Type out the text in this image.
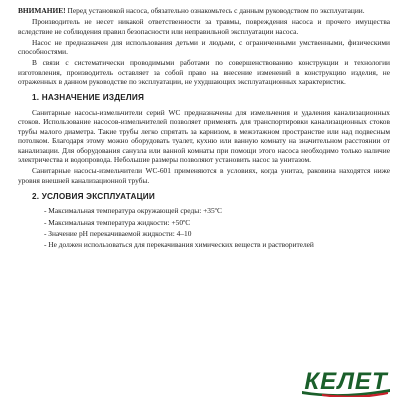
ВНИМАНИЕ! Перед установкой насоса, обязательно ознакомьтесь с данным руководством по эксплуатации.

Производитель не несет никакой ответственности за травмы, повреждения насоса и прочего имущества вследствие не соблюдения правил безопасности или неправильной эксплуатации насоса.

Насос не предназначен для использования детьми и людьми, с ограниченными умственными, физическими способностями.

В связи с систематически проводимыми работами по совершенствованию конструкции и технологии изготовления, производитель оставляет за собой право на внесение изменений в конструкцию изделия, не отраженных в данном руководстве по эксплуатации, не ухудшающих эксплуатационных характеристик.

1. НАЗНАЧЕНИЕ ИЗДЕЛИЯ

Санитарные насосы-измельчители серий WC предназначены для измельчения и удаления канализационных стоков. Использование насосов-измельчителей позволяет применять для транспортировки канализационных стоков трубы малого диаметра. Такие трубы легко спрятать за карнизом, в межэтажном пространстве или над подвесным потолком. Благодаря этому можно оборудовать туалет, кухню или ванную комнату на значительном расстоянии от канализации. Для оборудования санузла или ванной комнаты при помощи этого насоса необходимо только наличие электричества и водопровода. Небольшие размеры позволяют установить насос за унитазом.

Санитарные насосы-измельчители WC-601 применяются в условиях, когда унитаз, раковина находятся ниже уровня внешней канализационной трубы.

2. УСЛОВИЯ ЭКСПЛУАТАЦИИ
- Максимальная температура окружающей среды: +35ºС
- Максимальная температура жидкости: +50ºС
- Значение pH перекачиваемой жидкости: 4–10
- Не должен использоваться для перекачивания химических веществ и растворителей
КЕЛЕТ
